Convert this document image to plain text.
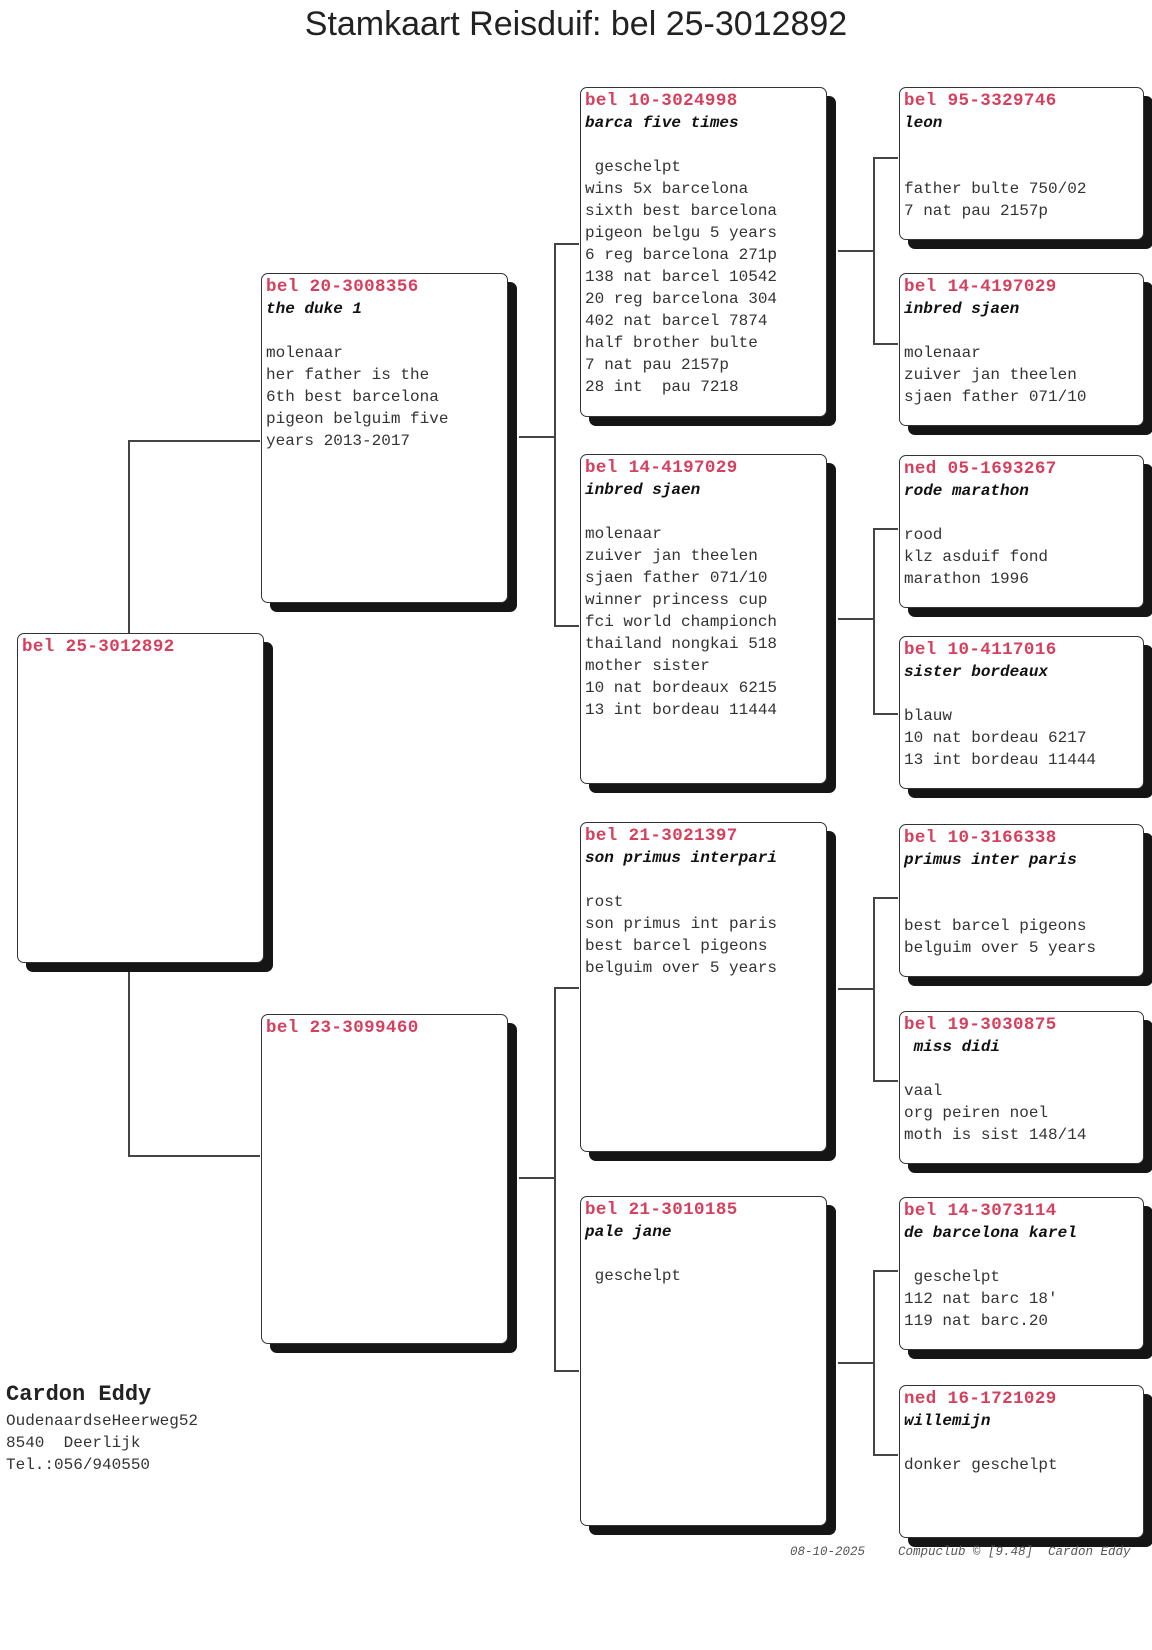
Stamkaart Reisduif: bel 25-3012892
bel 25-3012892
bel 20-3008356
the duke 1
molenaar
her father is the
6th best barcelona
pigeon belguim five
years 2013-2017
bel 23-3099460
bel 10-3024998
barca five times
geschelpt
wins 5x barcelona
sixth best barcelona
pigeon belgu 5 years
6 reg barcelona 271p
138 nat barcel 10542
20 reg barcelona 304
402 nat barcel 7874
half brother bulte
7 nat pau 2157p
28 int  pau 7218
bel 14-4197029
inbred sjaen
molenaar
zuiver jan theelen
sjaen father 071/10
winner princess cup
fci world championch
thailand nongkai 518
mother sister
10 nat bordeaux 6215
13 int bordeau 11444
bel 21-3021397
son primus interpari
rost
son primus int paris
best barcel pigeons
belguim over 5 years
bel 21-3010185
pale jane
geschelpt
bel 95-3329746
leon
father bulte 750/02
7 nat pau 2157p
bel 14-4197029
inbred sjaen
molenaar
zuiver jan theelen
sjaen father 071/10
ned 05-1693267
rode marathon
rood
klz asduif fond
marathon 1996
bel 10-4117016
sister bordeaux
blauw
10 nat bordeau 6217
13 int bordeau 11444
bel 10-3166338
primus inter paris
best barcel pigeons
belguim over 5 years
bel 19-3030875
miss didi
vaal
org peiren noel
moth is sist 148/14
bel 14-3073114
de barcelona karel
geschelpt
112 nat barc 18'
119 nat barc.20
ned 16-1721029
willemijn
donker geschelpt
Cardon Eddy
OudenaardseHeerweg52
8540  Deerlijk
Tel.:056/940550
08-10-2025	Compuclub © [9.48]  Cardon Eddy
